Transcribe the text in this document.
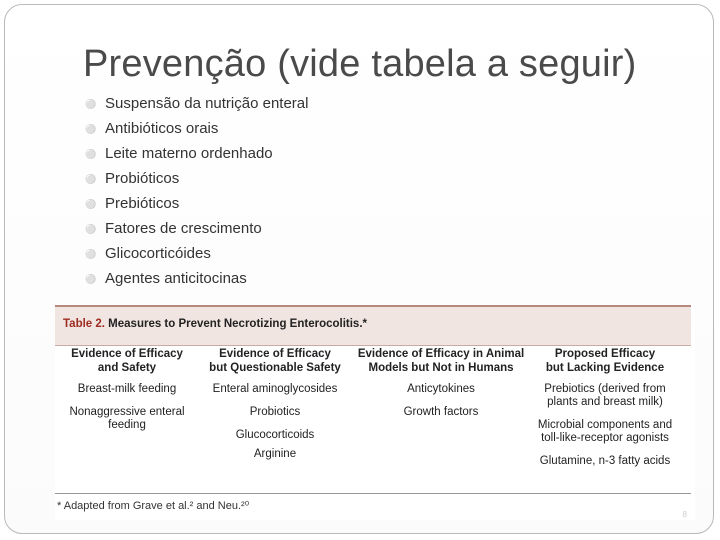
Prevenção (vide tabela a seguir)
⚪ Suspensão da nutrição enteral
⚪ Antibióticos orais
⚪ Leite materno ordenhado
⚪ Probióticos
⚪ Prebióticos
⚪ Fatores de crescimento
⚪ Glicocorticóides
⚪ Agentes anticitocinas
Table 2. Measures to Prevent Necrotizing Enterocolitis.*
Evidence of Efficacy
and Safety
Breast-milk feeding
Nonaggressive enteral
feeding
Evidence of Efficacy
but Questionable Safety
Enteral aminoglycosides
Probiotics
Glucocorticoids
Arginine
Evidence of Efficacy in Animal
Models but Not in Humans
Anticytokines
Growth factors
Proposed Efficacy
but Lacking Evidence
Prebiotics (derived from
plants and breast milk)
Microbial components and
toll-like-receptor agonists
Glutamine, n-3 fatty acids
* Adapted from Grave et al.² and Neu.²⁰
8
